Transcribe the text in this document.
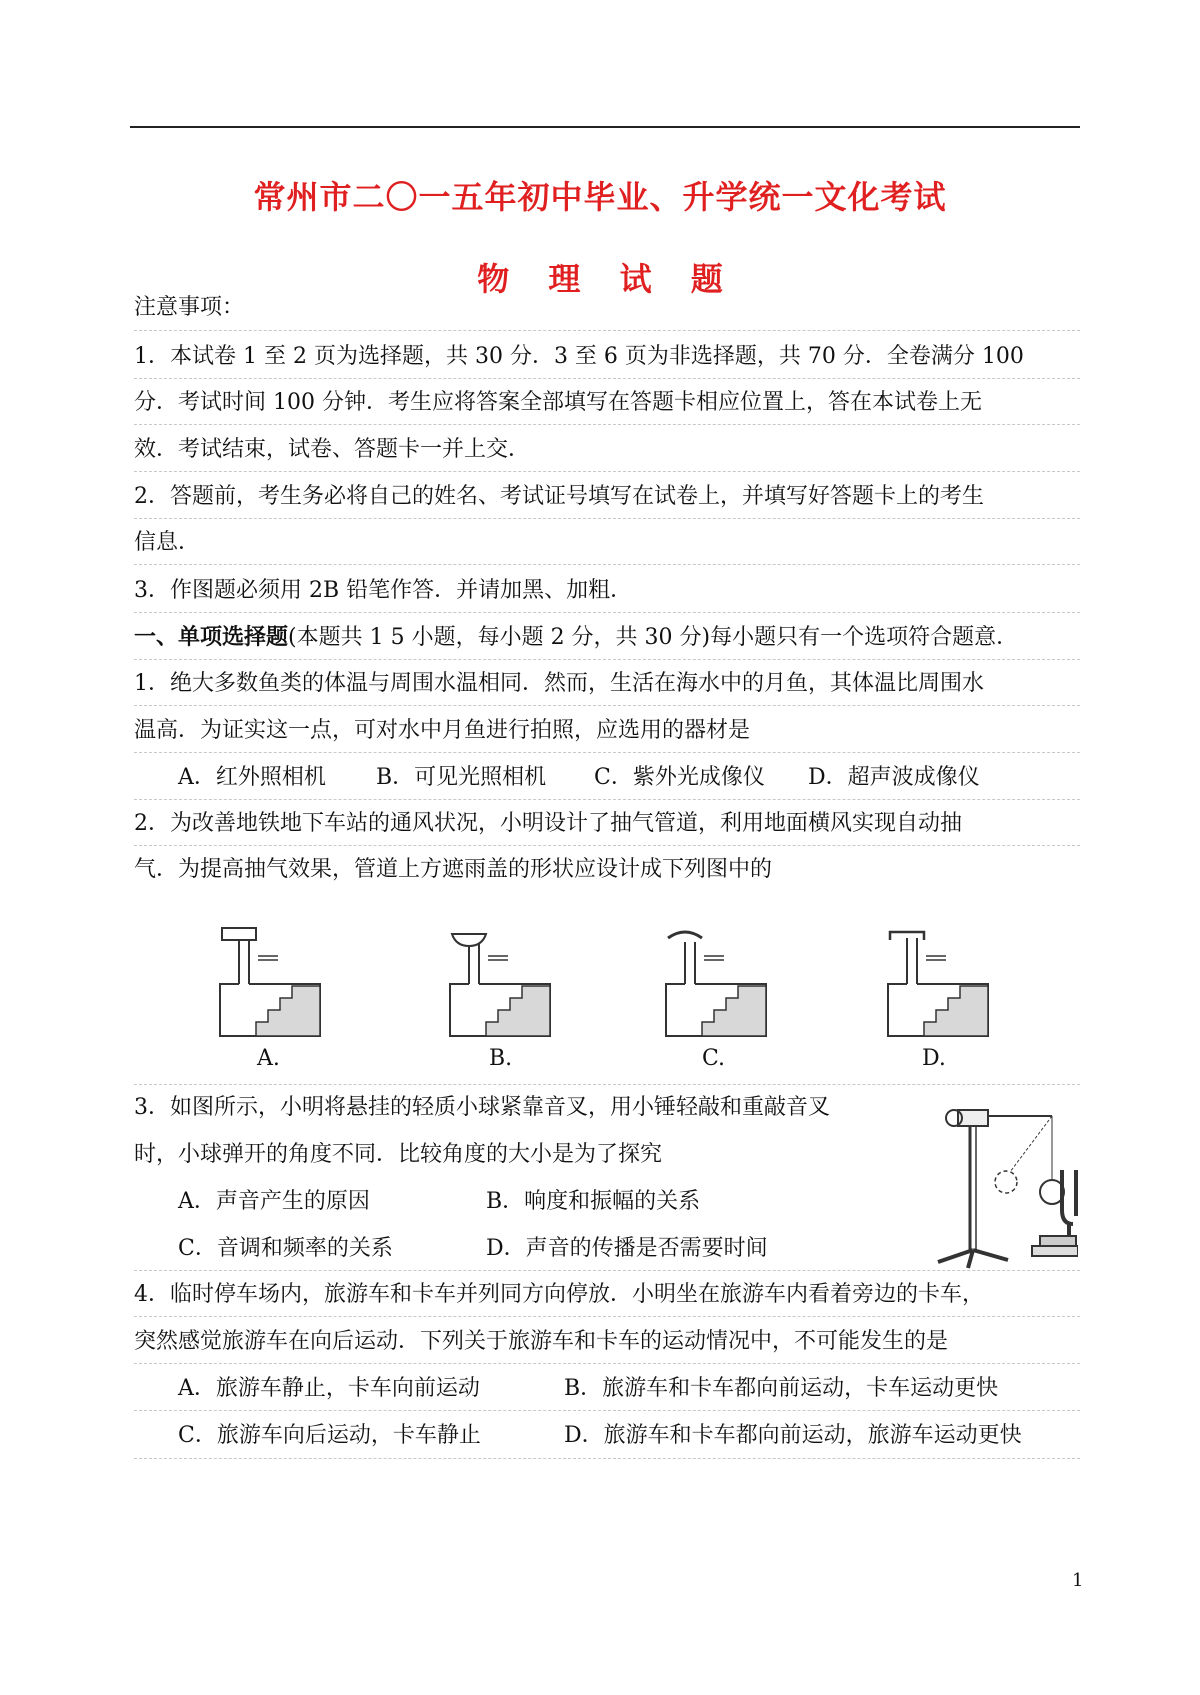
常州市二〇一五年初中毕业、升学统一文化考试
物 理 试 题
注意事项：
1．本试卷 1 至 2 页为选择题，共 30 分．3 至 6 页为非选择题，共 70 分．全卷满分 100
分．考试时间 100 分钟．考生应将答案全部填写在答题卡相应位置上，答在本试卷上无
效．考试结束，试卷、答题卡一并上交．
2．答题前，考生务必将自己的姓名、考试证号填写在试卷上，并填写好答题卡上的考生
信息．
3．作图题必须用 2B 铅笔作答．并请加黑、加粗．
一、单项选择题(本题共 1 5 小题，每小题 2 分，共 30 分)每小题只有一个选项符合题意．
1．绝大多数鱼类的体温与周围水温相同．然而，生活在海水中的月鱼，其体温比周围水
温高．为证实这一点，可对水中月鱼进行拍照，应选用的器材是
A．红外照相机 B．可见光照相机 C．紫外光成像仪 D．超声波成像仪
2．为改善地铁地下车站的通风状况，小明设计了抽气管道，利用地面横风实现自动抽
气．为提高抽气效果，管道上方遮雨盖的形状应设计成下列图中的
A.	B.	C.	D.
3．如图所示，小明将悬挂的轻质小球紧靠音叉，用小锤轻敲和重敲音叉
时，小球弹开的角度不同．比较角度的大小是为了探究
A．声音产生的原因	B．响度和振幅的关系
C．音调和频率的关系	D．声音的传播是否需要时间
4．临时停车场内，旅游车和卡车并列同方向停放．小明坐在旅游车内看着旁边的卡车，
突然感觉旅游车在向后运动．下列关于旅游车和卡车的运动情况中，不可能发生的是
A．旅游车静止，卡车向前运动	B．旅游车和卡车都向前运动，卡车运动更快
C．旅游车向后运动，卡车静止	D．旅游车和卡车都向前运动，旅游车运动更快
1
